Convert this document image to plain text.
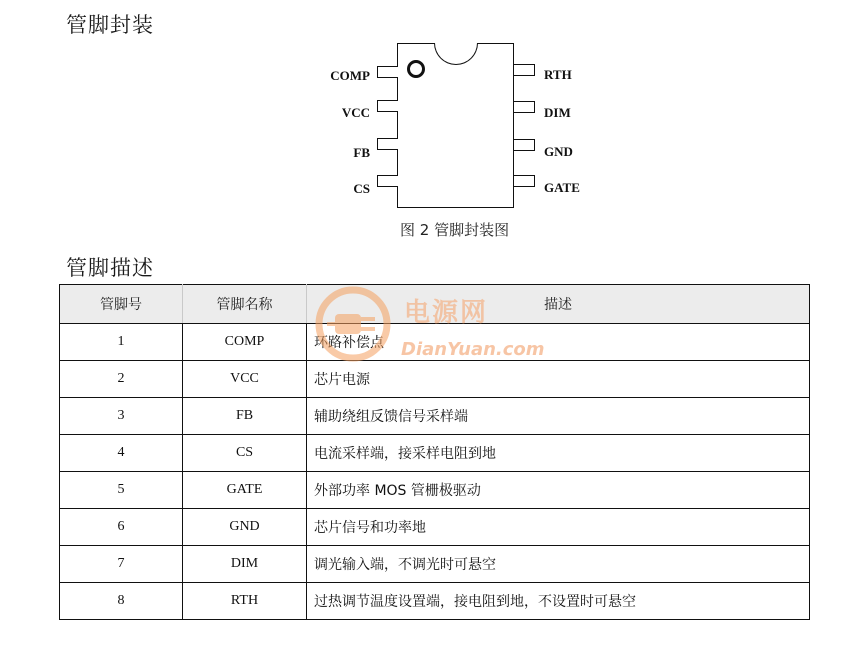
管脚封装
COMP
VCC
FB
CS
RTH
DIM
GND
GATE
图 2 管脚封装图
管脚描述
管脚号	管脚名称	描述
1	COMP	环路补偿点
2	VCC	芯片电源
3	FB	辅助绕组反馈信号采样端
4	CS	电流采样端，接采样电阻到地
5	GATE	外部功率 MOS 管栅极驱动
6	GND	芯片信号和功率地
7	DIM	调光输入端，不调光时可悬空
8	RTH	过热调节温度设置端，接电阻到地，不设置时可悬空
电源网
DianYuan.com
